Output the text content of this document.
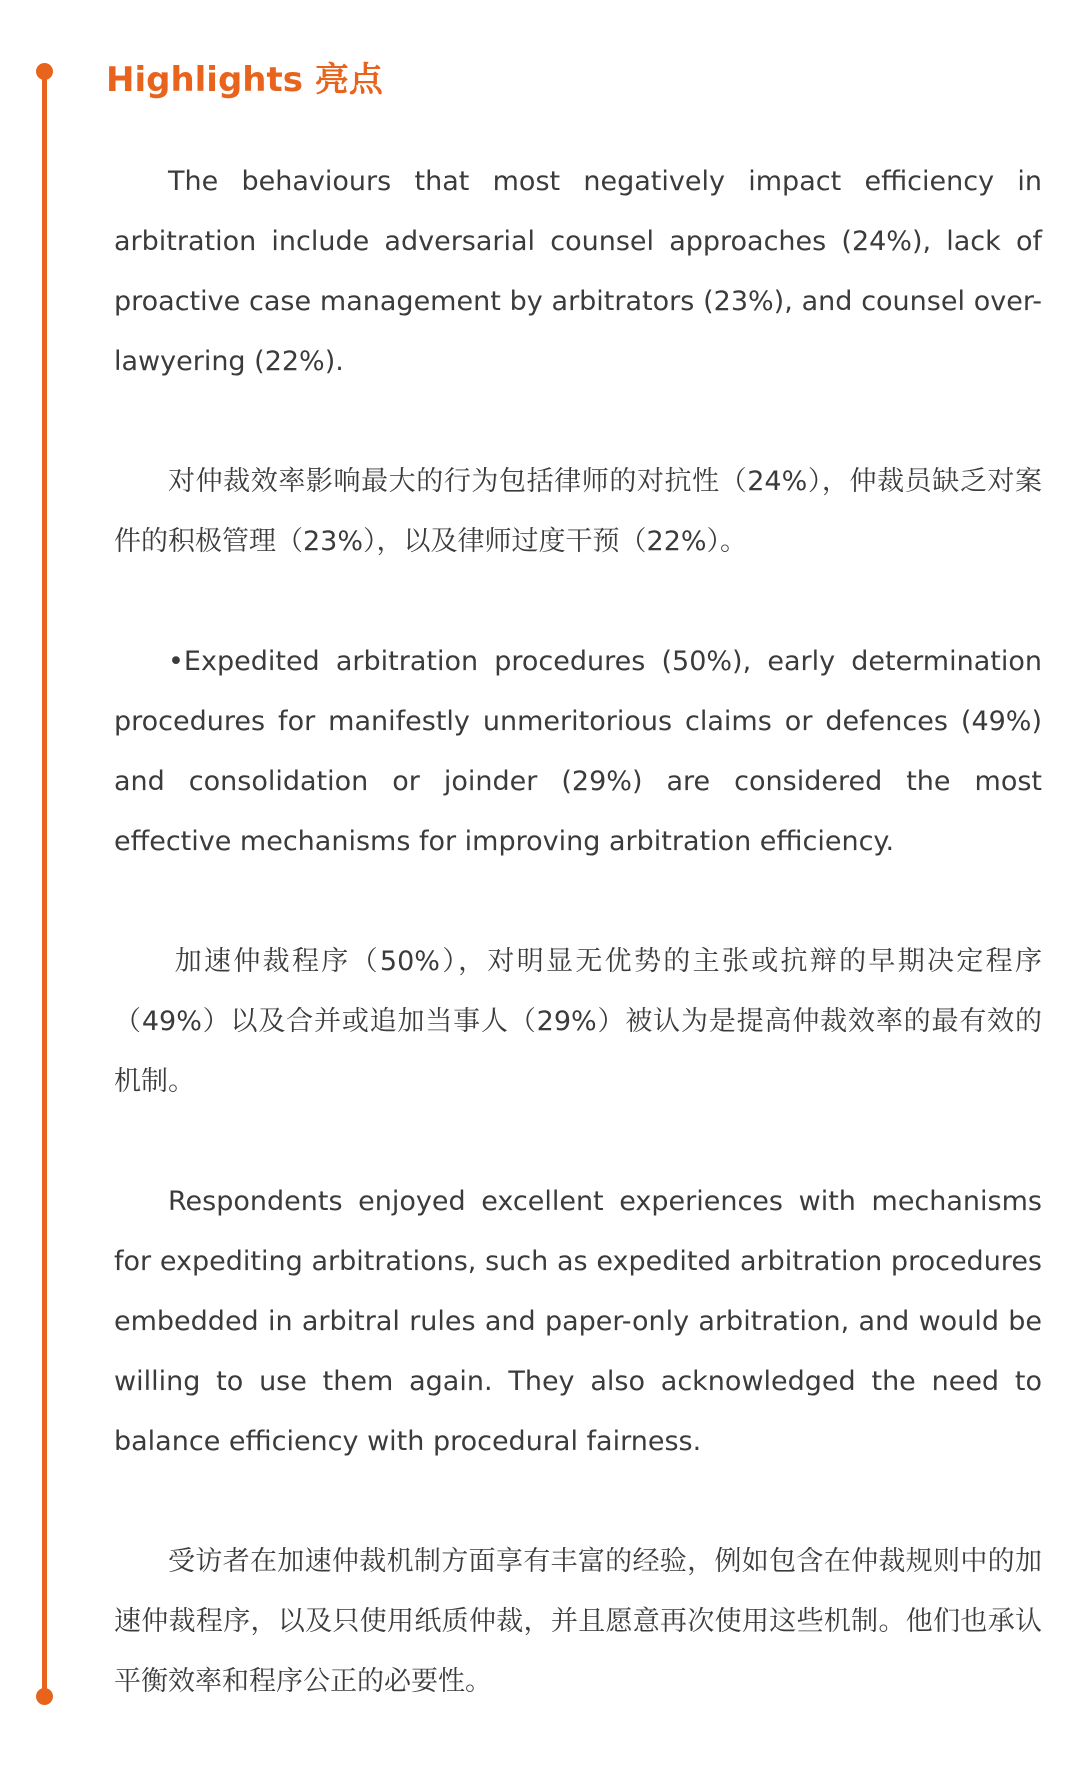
Highlights 亮点

The behaviours that most negatively impact efficiency in arbitration include adversarial counsel approaches (24%), lack of proactive case management by arbitrators (23%), and counsel over-lawyering (22%).

对仲裁效率影响最大的行为包括律师的对抗性（24%），仲裁员缺乏对案件的积极管理（23%），以及律师过度干预（22%）。

•Expedited arbitration procedures (50%), early determination procedures for manifestly unmeritorious claims or defences (49%) and consolidation or joinder (29%) are considered the most effective mechanisms for improving arbitration efficiency.

加速仲裁程序（50%），对明显无优势的主张或抗辩的早期决定程序（49%）以及合并或追加当事人（29%）被认为是提高仲裁效率的最有效的机制。

Respondents enjoyed excellent experiences with mechanisms for expediting arbitrations, such as expedited arbitration procedures embedded in arbitral rules and paper-only arbitration, and would be willing to use them again. They also acknowledged the need to balance efficiency with procedural fairness.

受访者在加速仲裁机制方面享有丰富的经验，例如包含在仲裁规则中的加速仲裁程序，以及只使用纸质仲裁，并且愿意再次使用这些机制。他们也承认平衡效率和程序公正的必要性。
